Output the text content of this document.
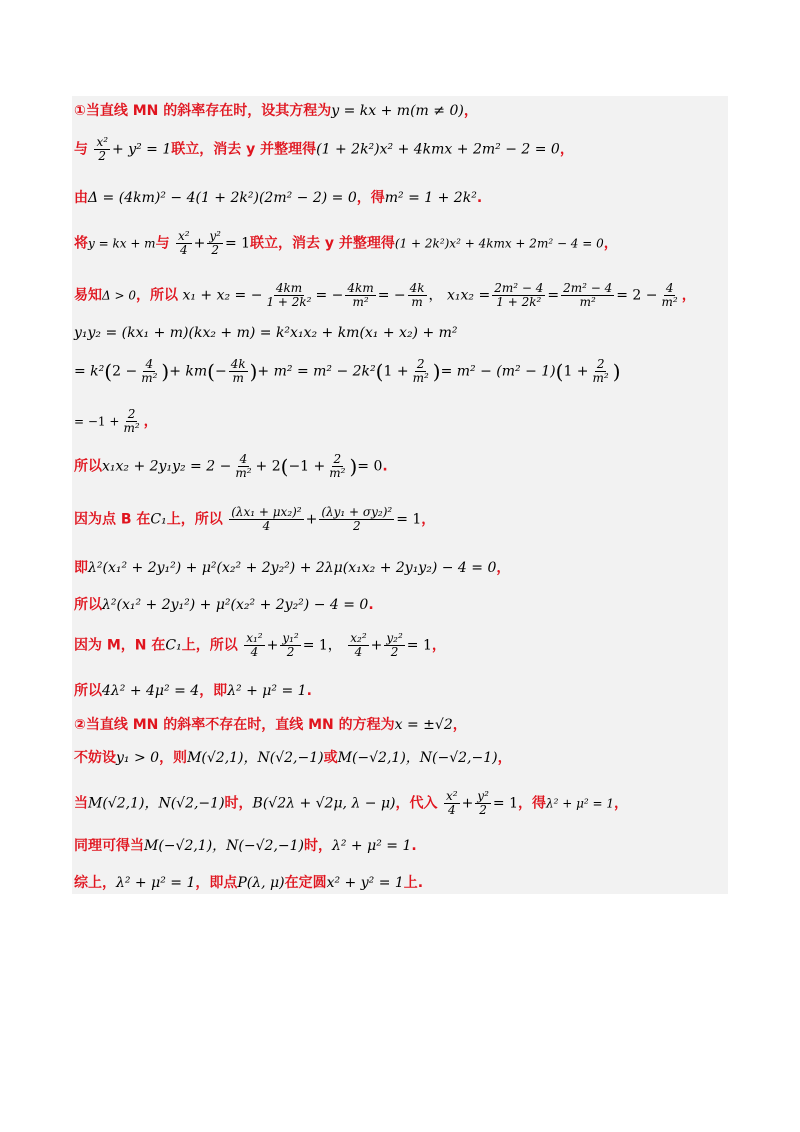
①当直线 MN 的斜率存在时，设其方程为y = kx + m(m ≠ 0)，
与 $\frac{\text{x²}}{2} + y^2 = 1$联立，消去 y 并整理得(1 + 2k²)x² + 4kmx + 2m² − 2 = 0，
由Δ = (4km)² − 4(1 + 2k²)(2m² − 2) = 0，得m² = 1 + 2k².
将y = kx + m与 $\frac{\text{x²}}{4} + \frac{\text{y²}}{2} = 1$联立，消去 y 并整理得(1 + 2k²)x² + 4kmx + 2m² − 4 = 0，
易知Δ > 0，所以 x₁ + x₂ = − $\frac{4km}{\text{1 + 2k²}}$ = − $\frac{4km}{\text{m²}}$ = − $\frac{4k}{m}$ ， $x_1x_2 = \frac{\text{2m² − 4}}{\text{1 + 2k²}} = \frac{\text{2m² − 4}}{\text{m²}} = 2 - \frac{4}{\text{m²}}$ ，
y₁y₂ = (kx₁ + m)(kx₂ + m) = k²x₁x₂ + km(x₁ + x₂) + m²
= $k^2(2 - \frac{4}{\text{m²}}$ )+ $km(- \frac{4k}{m}$ )+ $m^2 = m^2 - 2k^2(1 + \frac{2}{\text{m²}}$ )= $m^2 - (m^2 - 1)(1 + \frac{2}{\text{m²}}$ )
= $-1 + \frac{2}{\text{m²}}$ ，
所以$x_1x_2 + 2y_1y_2 = 2 - \frac{4}{\text{m²}} + 2(-1 + \frac{2}{\text{m²}}$ )= 0.
因为点 B 在C₁上，所以 $\frac{\text{(λx₁ + μx₂)²}}{4} + \frac{\text{(λy₁ + σy₂)²}}{2} = 1$，
即λ²(x₁² + 2y₁²) + μ²(x₂² + 2y₂²) + 2λμ(x₁x₂ + 2y₁y₂) − 4 = 0，
所以λ²(x₁² + 2y₁²) + μ²(x₂² + 2y₂²) − 4 = 0.
因为 M，N 在C₁上，所以 $\frac{\text{x₁²}}{4} + \frac{\text{y₁²}}{2} = 1$， $\frac{\text{x₂²}}{4} + \frac{\text{y₂²}}{2} = 1$，
所以4λ² + 4μ² = 4，即λ² + μ² = 1.
②当直线 MN 的斜率不存在时，直线 MN 的方程为x = ±√2，
不妨设y₁ > 0，则M(√2,1)，N(√2,−1)或M(−√2,1)，N(−√2,−1)，
当M(√2,1)，N(√2,−1)时，B(√2λ + √2μ, λ − μ)，代入 $\frac{\text{x²}}{4} + \frac{\text{y²}}{2} = 1$，得λ² + μ² = 1，
同理可得当M(−√2,1)，N(−√2,−1)时，λ² + μ² = 1.
综上，λ² + μ² = 1，即点P(λ, μ)在定圆x² + y² = 1上.
